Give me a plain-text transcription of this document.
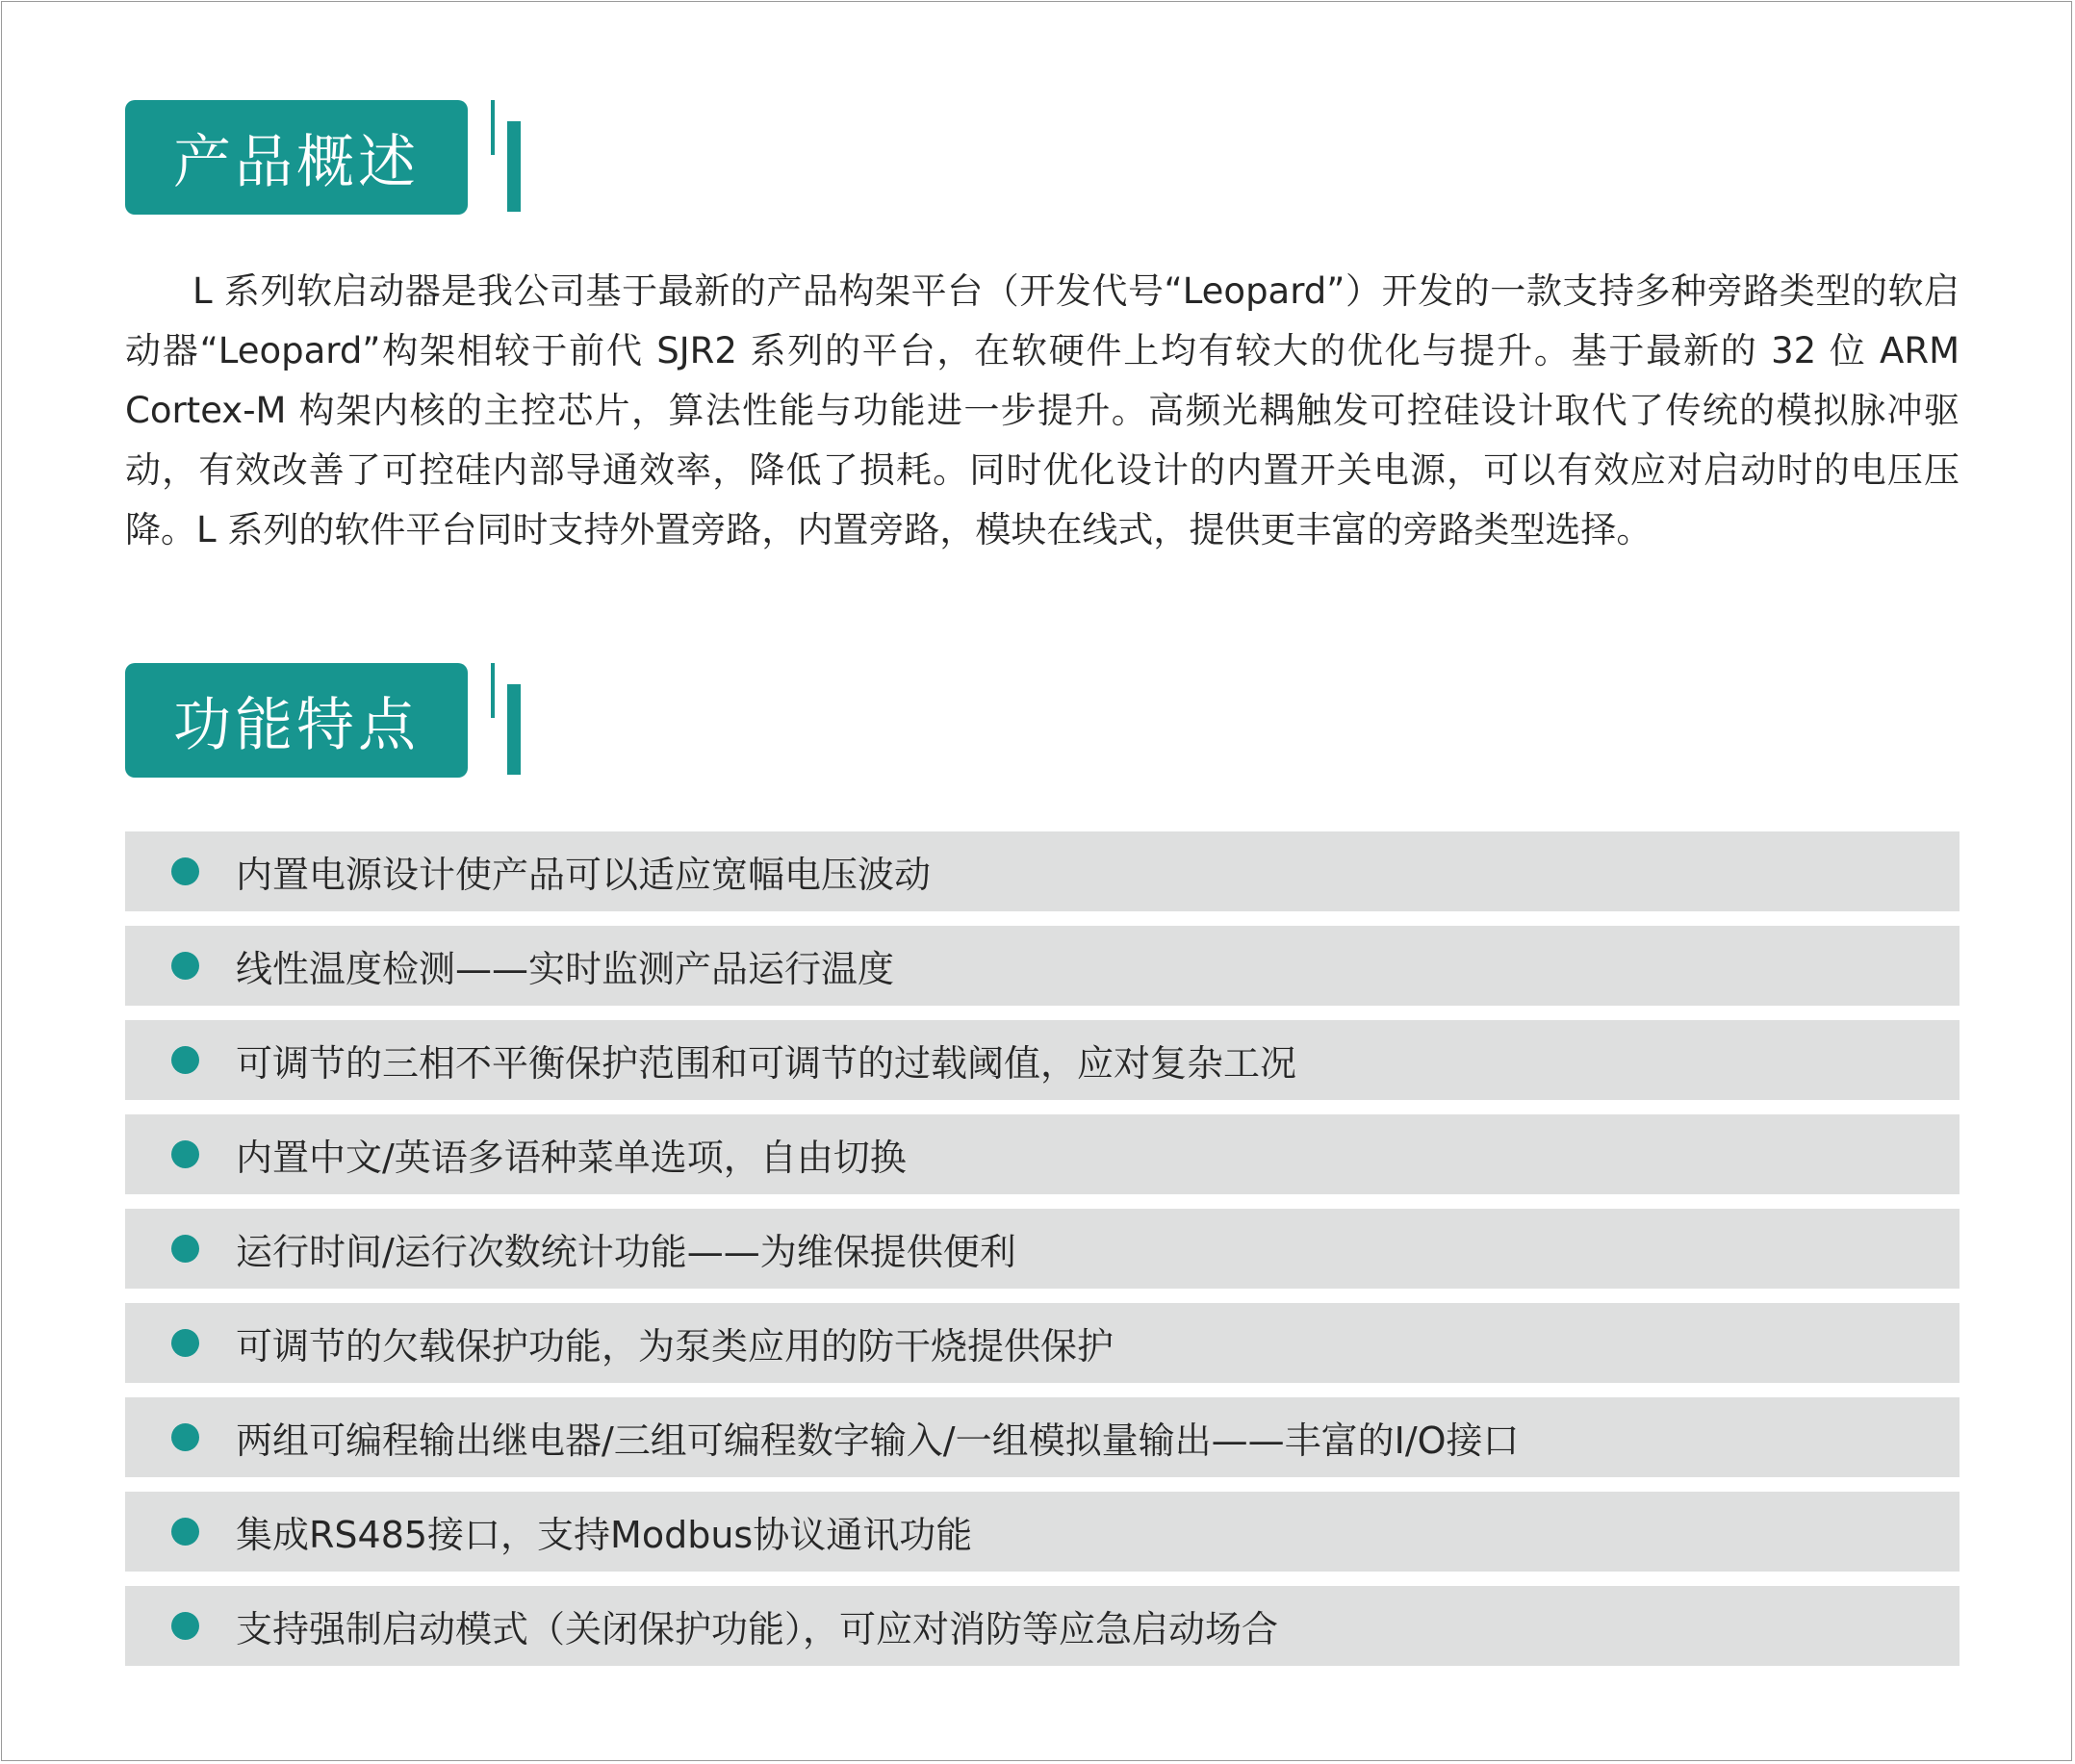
产品概述

L 系列软启动器是我公司基于最新的产品构架平台（开发代号“Leopard”）开发的一款支持多种旁路类型的软启动器“Leopard”构架相较于前代 SJR2 系列的平台，在软硬件上均有较大的优化与提升。基于最新的 32 位 ARM Cortex-M 构架内核的主控芯片，算法性能与功能进一步提升。高频光耦触发可控硅设计取代了传统的模拟脉冲驱动，有效改善了可控硅内部导通效率，降低了损耗。同时优化设计的内置开关电源，可以有效应对启动时的电压压降。L 系列的软件平台同时支持外置旁路，内置旁路，模块在线式，提供更丰富的旁路类型选择。

功能特点
内置电源设计使产品可以适应宽幅电压波动
线性温度检测——实时监测产品运行温度
可调节的三相不平衡保护范围和可调节的过载阈值，应对复杂工况
内置中文/英语多语种菜单选项，自由切换
运行时间/运行次数统计功能——为维保提供便利
可调节的欠载保护功能，为泵类应用的防干烧提供保护
两组可编程输出继电器/三组可编程数字输入/一组模拟量输出——丰富的I/O接口
集成RS485接口，支持Modbus协议通讯功能
支持强制启动模式（关闭保护功能），可应对消防等应急启动场合
